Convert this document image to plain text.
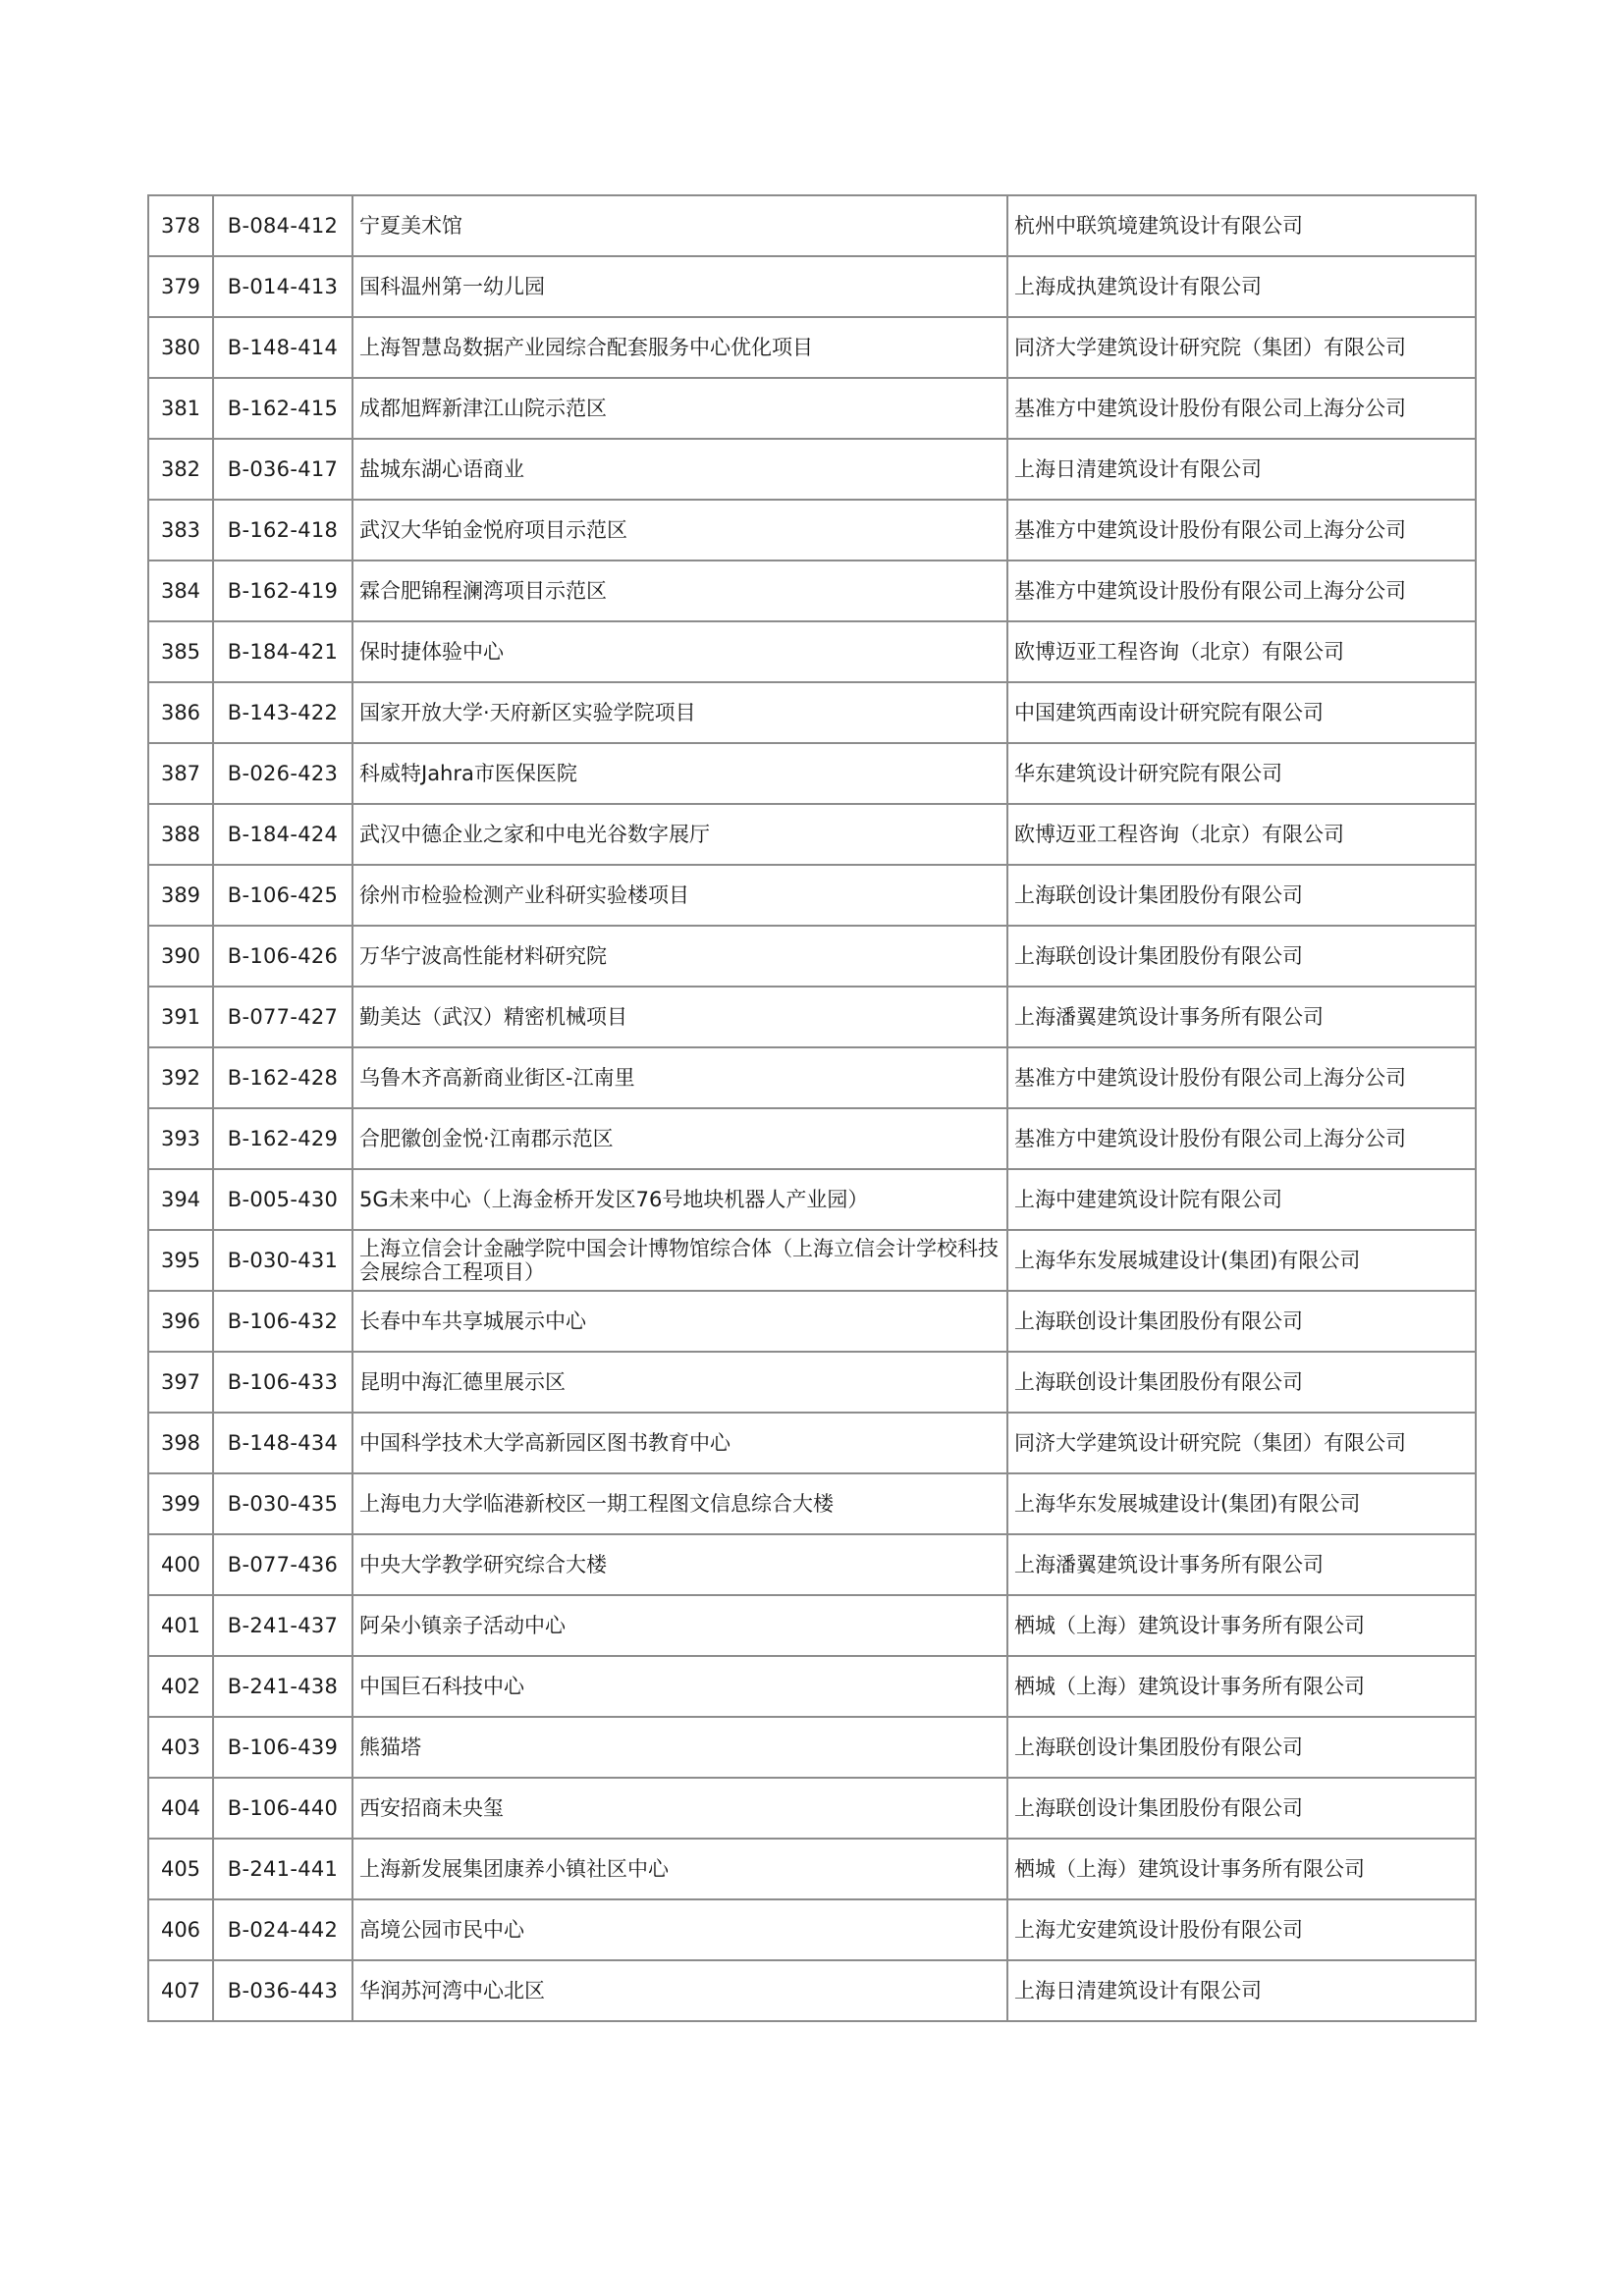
378	B-084-412	宁夏美术馆	杭州中联筑境建筑设计有限公司
379	B-014-413	国科温州第一幼儿园	上海成执建筑设计有限公司
380	B-148-414	上海智慧岛数据产业园综合配套服务中心优化项目	同济大学建筑设计研究院（集团）有限公司
381	B-162-415	成都旭辉新津江山院示范区	基准方中建筑设计股份有限公司上海分公司
382	B-036-417	盐城东湖心语商业	上海日清建筑设计有限公司
383	B-162-418	武汉大华铂金悦府项目示范区	基准方中建筑设计股份有限公司上海分公司
384	B-162-419	霖合肥锦程澜湾项目示范区	基准方中建筑设计股份有限公司上海分公司
385	B-184-421	保时捷体验中心	欧博迈亚工程咨询（北京）有限公司
386	B-143-422	国家开放大学·天府新区实验学院项目	中国建筑西南设计研究院有限公司
387	B-026-423	科威特Jahra市医保医院	华东建筑设计研究院有限公司
388	B-184-424	武汉中德企业之家和中电光谷数字展厅	欧博迈亚工程咨询（北京）有限公司
389	B-106-425	徐州市检验检测产业科研实验楼项目	上海联创设计集团股份有限公司
390	B-106-426	万华宁波高性能材料研究院	上海联创设计集团股份有限公司
391	B-077-427	勤美达（武汉）精密机械项目	上海潘翼建筑设计事务所有限公司
392	B-162-428	乌鲁木齐高新商业街区-江南里	基准方中建筑设计股份有限公司上海分公司
393	B-162-429	合肥徽创金悦·江南郡示范区	基准方中建筑设计股份有限公司上海分公司
394	B-005-430	5G未来中心（上海金桥开发区76号地块机器人产业园）	上海中建建筑设计院有限公司
395	B-030-431	上海立信会计金融学院中国会计博物馆综合体（上海立信会计学校科技会展综合工程项目）	上海华东发展城建设计(集团)有限公司
396	B-106-432	长春中车共享城展示中心	上海联创设计集团股份有限公司
397	B-106-433	昆明中海汇德里展示区	上海联创设计集团股份有限公司
398	B-148-434	中国科学技术大学高新园区图书教育中心	同济大学建筑设计研究院（集团）有限公司
399	B-030-435	上海电力大学临港新校区一期工程图文信息综合大楼	上海华东发展城建设计(集团)有限公司
400	B-077-436	中央大学教学研究综合大楼	上海潘翼建筑设计事务所有限公司
401	B-241-437	阿朵小镇亲子活动中心	栖城（上海）建筑设计事务所有限公司
402	B-241-438	中国巨石科技中心	栖城（上海）建筑设计事务所有限公司
403	B-106-439	熊猫塔	上海联创设计集团股份有限公司
404	B-106-440	西安招商未央玺	上海联创设计集团股份有限公司
405	B-241-441	上海新发展集团康养小镇社区中心	栖城（上海）建筑设计事务所有限公司
406	B-024-442	高境公园市民中心	上海尤安建筑设计股份有限公司
407	B-036-443	华润苏河湾中心北区	上海日清建筑设计有限公司
